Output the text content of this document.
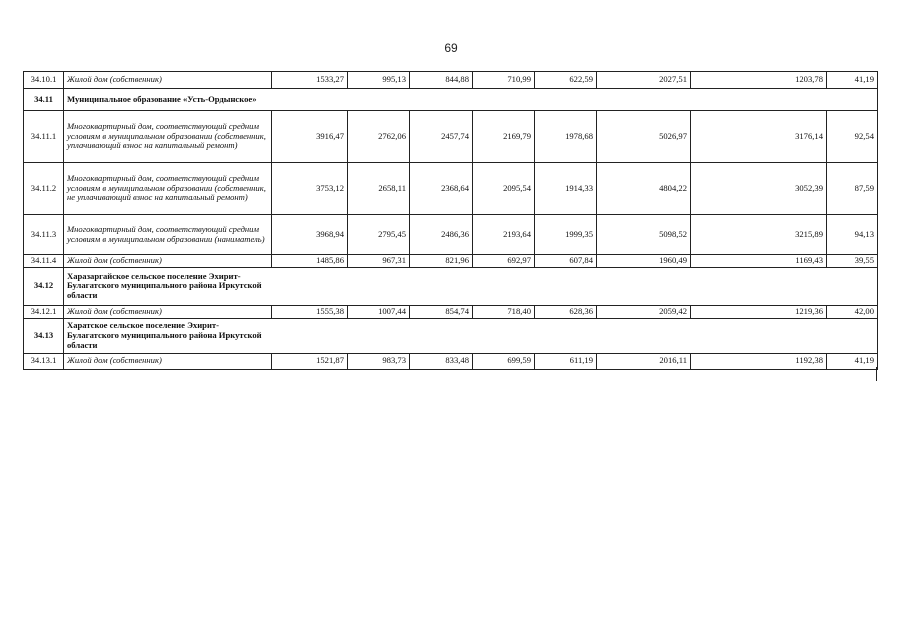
69
34.10.1	Жилой дом (собственник)	1533,27	995,13	844,88	710,99	622,59	2027,51	1203,78	41,19
34.11	Муниципальное образование «Усть-Ордынское»								
34.11.1	Многоквартирный дом, соответствующий средним условиям в муниципальном образовании (собственник, уплачивающий взнос на капитальный ремонт)	3916,47	2762,06	2457,74	2169,79	1978,68	5026,97	3176,14	92,54
34.11.2	Многоквартирный дом, соответствующий средним условиям в муниципальном образовании (собственник, не уплачивающий взнос на капитальный ремонт)	3753,12	2658,11	2368,64	2095,54	1914,33	4804,22	3052,39	87,59
34.11.3	Многоквартирный дом, соответствующий средним условиям в муниципальном образовании (наниматель)	3968,94	2795,45	2486,36	2193,64	1999,35	5098,52	3215,89	94,13
34.11.4	Жилой дом (собственник)	1485,86	967,31	821,96	692,97	607,84	1960,49	1169,43	39,55
34.12	Харазаргайское сельское поселение Эхирит-Булагатского муниципального района Иркутской области								
34.12.1	Жилой дом (собственник)	1555,38	1007,44	854,74	718,40	628,36	2059,42	1219,36	42,00
34.13	Харатское сельское поселение Эхирит-Булагатского муниципального района Иркутской области								
34.13.1	Жилой дом (собственник)	1521,87	983,73	833,48	699,59	611,19	2016,11	1192,38	41,19
